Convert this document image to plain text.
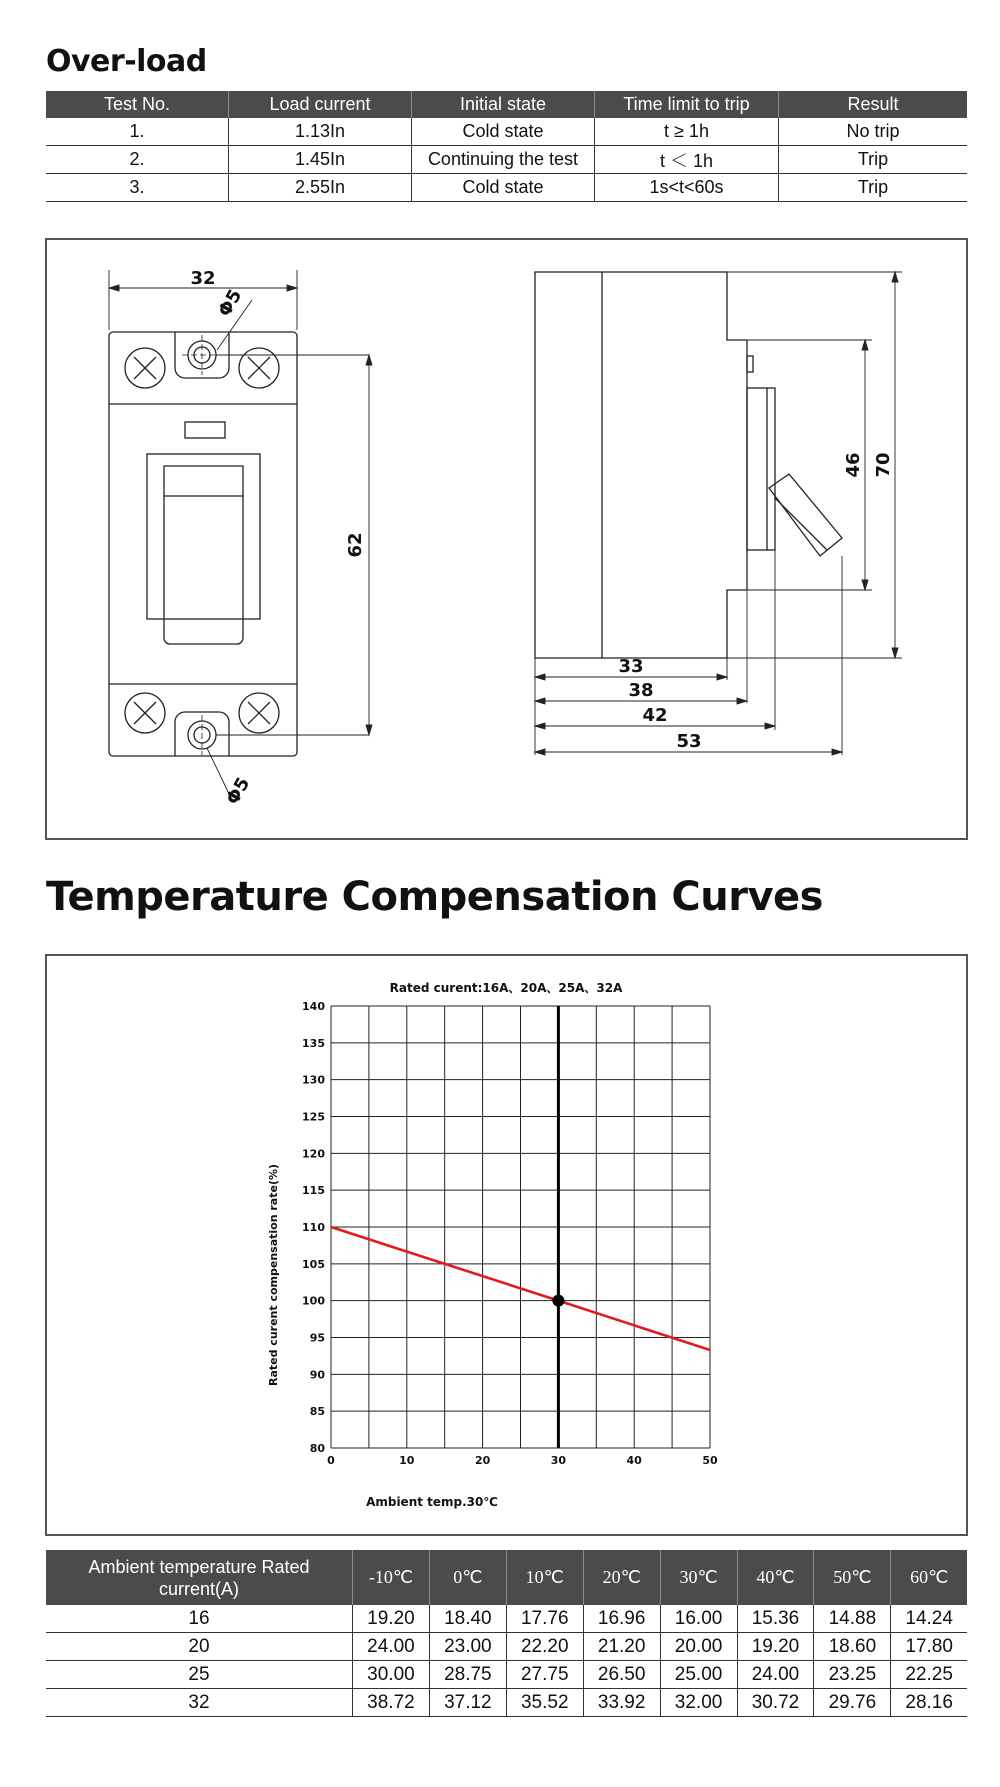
Over-load
Test No.	Load current	Initial state	Time limit to trip	Result
1.	1.13In	Cold state	t ≥ 1h	No trip
2.	1.45In	Continuing the test	t ＜ 1h	Trip
3.	2.55In	Cold state	1s<t<60s	Trip
32
Φ5
Φ5
62
46 70
33
38
42
53
Temperature Compensation Curves
Rated curent:16A、20A、25A、32A
Ambient temp.30℃
Rated curent compensation rate(%)
0	10	20	30	40	50
80
85
90
95
100
105
110
115
120
125
130
135
140
Ambient temperature Rated current(A)	-10℃	0℃	10℃	20℃	30℃	40℃	50℃	60℃
16	19.20	18.40	17.76	16.96	16.00	15.36	14.88	14.24
20	24.00	23.00	22.20	21.20	20.00	19.20	18.60	17.80
25	30.00	28.75	27.75	26.50	25.00	24.00	23.25	22.25
32	38.72	37.12	35.52	33.92	32.00	30.72	29.76	28.16
